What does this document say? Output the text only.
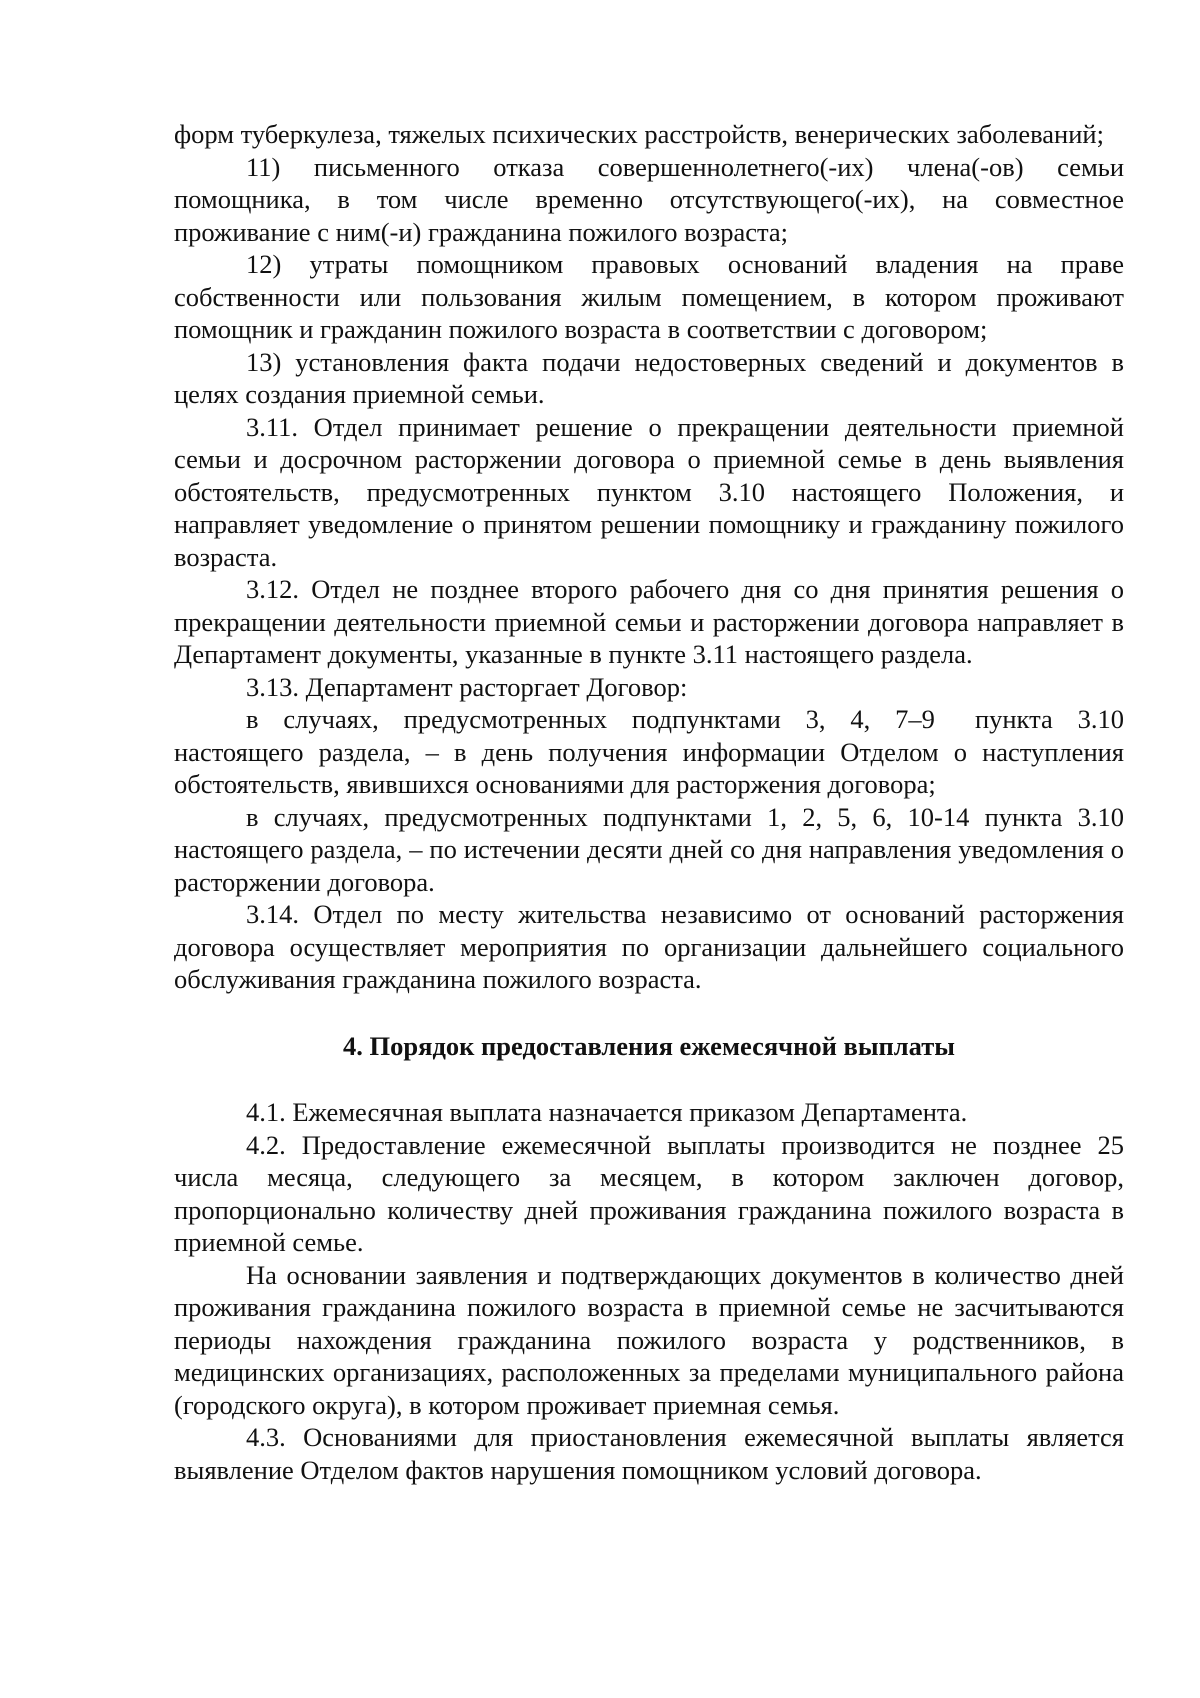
форм туберкулеза, тяжелых психических расстройств, венерических заболеваний;

11) письменного отказа совершеннолетнего(-их) члена(-ов) семьи помощника, в том числе временно отсутствующего(-их), на совместное проживание с ним(-и) гражданина пожилого возраста;

12) утраты помощником правовых оснований владения на праве собственности или пользования жилым помещением, в котором проживают помощник и гражданин пожилого возраста в соответствии с договором;

13) установления факта подачи недостоверных сведений и документов в целях создания приемной семьи.

3.11. Отдел принимает решение о прекращении деятельности приемной семьи и досрочном расторжении договора о приемной семье в день выявления обстоятельств, предусмотренных пунктом 3.10 настоящего Положения, и направляет уведомление о принятом решении помощнику и гражданину пожилого возраста.

3.12. Отдел не позднее второго рабочего дня со дня принятия решения о прекращении деятельности приемной семьи и расторжении договора направляет в Департамент документы, указанные в пункте 3.11 настоящего раздела.

3.13. Департамент расторгает Договор:

в случаях, предусмотренных подпунктами 3, 4, 7–9 пункта 3.10 настоящего раздела, – в день получения информации Отделом о наступления обстоятельств, явившихся основаниями для расторжения договора;

в случаях, предусмотренных подпунктами 1, 2, 5, 6, 10-14 пункта 3.10 настоящего раздела, – по истечении десяти дней со дня направления уведомления о расторжении договора.

3.14. Отдел по месту жительства независимо от оснований расторжения договора осуществляет мероприятия по организации дальнейшего социального обслуживания гражданина пожилого возраста.

4. Порядок предоставления ежемесячной выплаты

4.1. Ежемесячная выплата назначается приказом Департамента.

4.2. Предоставление ежемесячной выплаты производится не позднее 25 числа месяца, следующего за месяцем, в котором заключен договор, пропорционально количеству дней проживания гражданина пожилого возраста в приемной семье.

На основании заявления и подтверждающих документов в количество дней проживания гражданина пожилого возраста в приемной семье не засчитываются периоды нахождения гражданина пожилого возраста у родственников, в медицинских организациях, расположенных за пределами муниципального района (городского округа), в котором проживает приемная семья.

4.3. Основаниями для приостановления ежемесячной выплаты является выявление Отделом фактов нарушения помощником условий договора.
